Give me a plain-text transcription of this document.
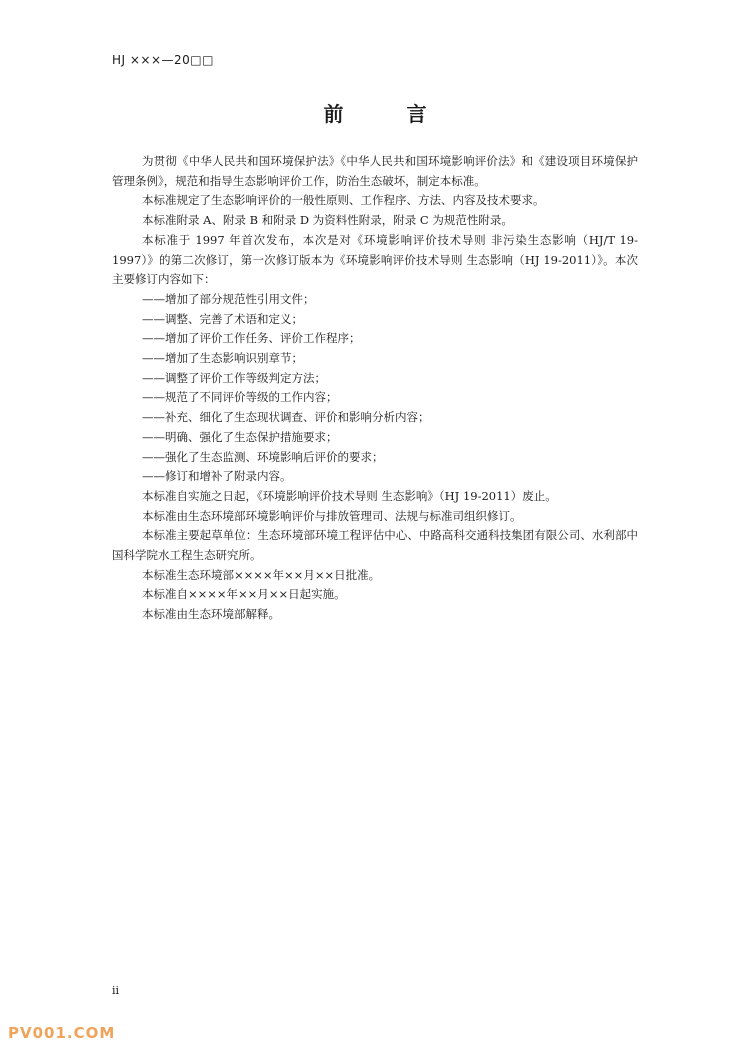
HJ ×××—20□□
前 言

为贯彻《中华人民共和国环境保护法》《中华人民共和国环境影响评价法》和《建设项目环境保护管理条例》，规范和指导生态影响评价工作，防治生态破坏，制定本标准。

本标准规定了生态影响评价的一般性原则、工作程序、方法、内容及技术要求。

本标准附录 A、附录 B 和附录 D 为资料性附录，附录 C 为规范性附录。

本标准于 1997 年首次发布，本次是对《环境影响评价技术导则 非污染生态影响（HJ/T 19-1997）》的第二次修订，第一次修订版本为《环境影响评价技术导则 生态影响（HJ 19-2011）》。本次主要修订内容如下：

——增加了部分规范性引用文件；

——调整、完善了术语和定义；

——增加了评价工作任务、评价工作程序；

——增加了生态影响识别章节；

——调整了评价工作等级判定方法；

——规范了不同评价等级的工作内容；

——补充、细化了生态现状调查、评价和影响分析内容；

——明确、强化了生态保护措施要求；

——强化了生态监测、环境影响后评价的要求；

——修订和增补了附录内容。

本标准自实施之日起，《环境影响评价技术导则 生态影响》（HJ 19-2011）废止。

本标准由生态环境部环境影响评价与排放管理司、法规与标准司组织修订。

本标准主要起草单位：生态环境部环境工程评估中心、中路高科交通科技集团有限公司、水利部中国科学院水工程生态研究所。

本标准生态环境部××××年××月××日批准。

本标准自××××年××月××日起实施。

本标准由生态环境部解释。

ii
PV001.COM
